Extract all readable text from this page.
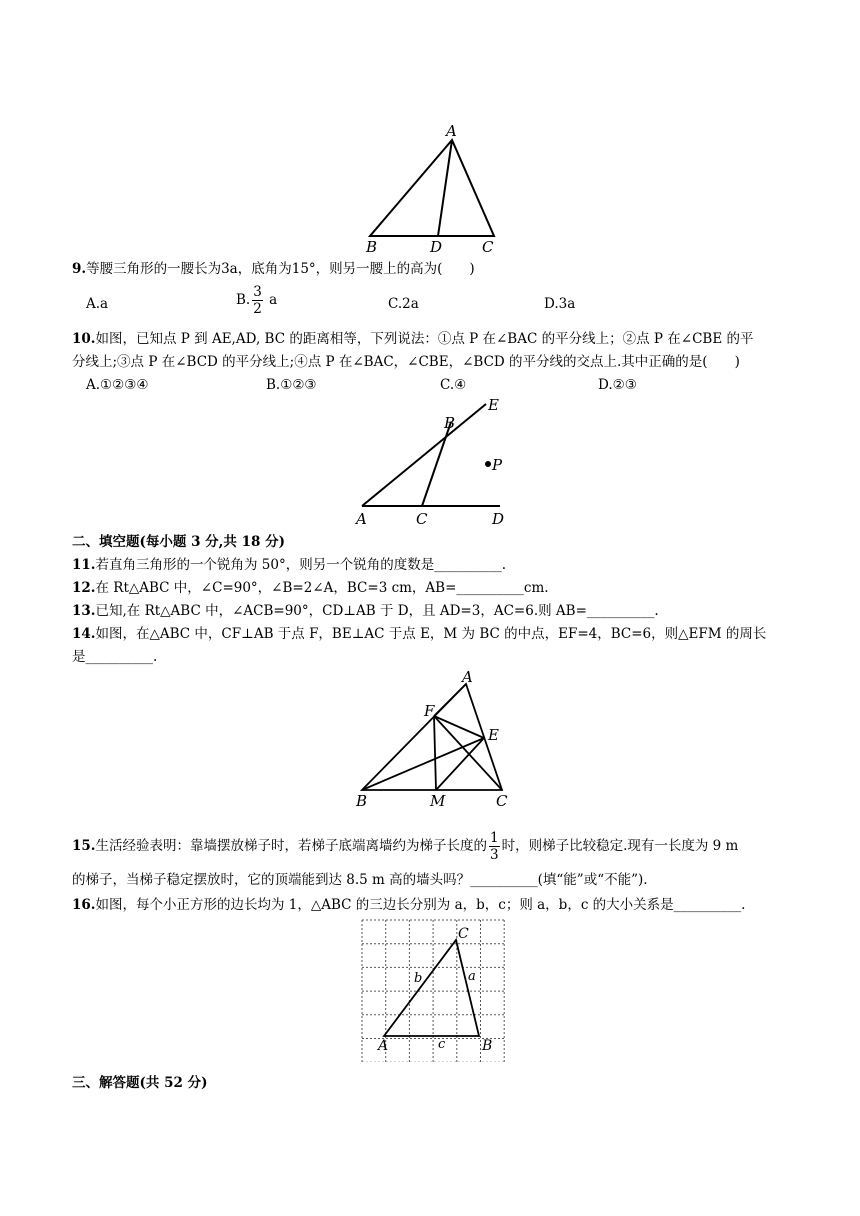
A
B	D	C
9.等腰三角形的一腰长为3a，底角为15°，则另一腰上的高为(　　)
A.a	B. $\frac{3}{2}$ a	C.2a	D.3a
10.如图，已知点 P 到 AE,AD, BC 的距离相等，下列说法：①点 P 在∠BAC 的平分线上；②点 P 在∠CBE 的平
分线上;③点 P 在∠BCD 的平分线上;④点 P 在∠BAC，∠CBE，∠BCD 的平分线的交点上.其中正确的是(　　)
A.①②③④	B.①②③	C.④	D.②③
A	C	D
B
E
P
二、填空题(每小题 3 分,共 18 分)
11.若直角三角形的一个锐角为 50°，则另一个锐角的度数是__________.
12.在 Rt△ABC 中，∠C=90°，∠B=2∠A，BC=3 cm，AB=__________cm.
13.已知,在 Rt△ABC 中，∠ACB=90°，CD⊥AB 于 D，且 AD=3，AC=6.则 AB=__________.
14.如图，在△ABC 中，CF⊥AB 于点 F，BE⊥AC 于点 E，M 为 BC 的中点，EF=4，BC=6，则△EFM 的周长
是__________.
A
F
E
B	M	C
15.生活经验表明：靠墙摆放梯子时，若梯子底端离墙约为梯子长度的 $\frac{1}{3}$ 时，则梯子比较稳定.现有一长度为 9 m
的梯子，当梯子稳定摆放时，它的顶端能到达 8.5 m 高的墙头吗？__________(填“能”或“不能”).
16.如图，每个小正方形的边长均为 1，△ABC 的三边长分别为 a，b，c；则 a，b，c 的大小关系是__________.
A	B
C
b	a
c
三、解答题(共 52 分)
